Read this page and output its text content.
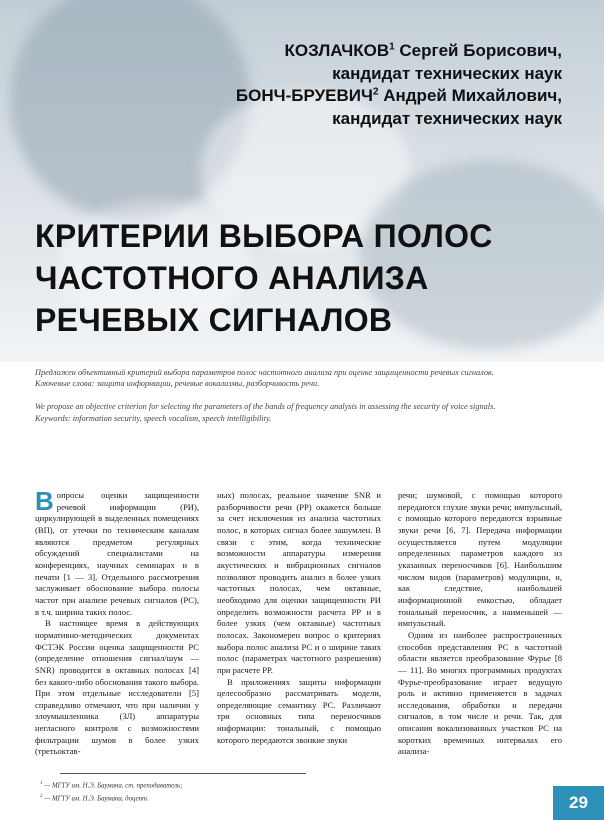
КОЗЛАЧКОВ$^1$ Сергей Борисович,
кандидат технических наук
БОНЧ-БРУЕВИЧ$^2$ Андрей Михайлович,
кандидат технических наук
КРИТЕРИИ ВЫБОРА ПОЛОС
ЧАСТОТНОГО АНАЛИЗА
РЕЧЕВЫХ СИГНАЛОВ

Предложен объективный критерий выбора параметров полос частотного анализа при оценке защищенности речевых сигналов.

Ключевые слова: защита информации, речевые вокализмы, разборчивость речи.

We propose an objective criterion for selecting the parameters of the bands of frequency analysis in assessing the security of voice signals.

Keywords: information security, speech vocalism, speech intelligibility.

Вопросы оценки защищенности речевой информации (РИ), циркулирующей в выделенных помещениях (ВП), от утечки по техническим каналам являются предметом регулярных обсуждений специалистами на конференциях, научных семинарах и в печати [1 — 3]. Отдельного рассмотрения заслуживает обоснование выбора полосы частот при анализе речевых сигналов (РС), в т.ч. ширина таких полос.

В настоящее время в действующих нормативно-методических документах ФСТЭК России оценка защищенности РС (определение отношения сигнал/шум — SNR) проводится в октавных полосах [4] без какого-либо обоснования такого выбора. При этом отдельные исследователи [5] справедливо отмечают, что при наличии у злоумышленника (ЗЛ) аппаратуры негласного контроля с возможностями фильтрации шумов в более узких (третьоктав-

ных) полосах, реальное значение SNR и разборчивости речи (РР) окажется больше за счет исключения из анализа частотных полос, в которых сигнал более зашумлен. В связи с этим, когда технические возможности аппаратуры измерения акустических и вибрационных сигналов позволяют проводить анализ в более узких частотных полосах, чем октавные, необходимо для оценки защищенности РИ определить возможности расчета РР и в более узких (чем октавные) частотных полосах. Закономерен вопрос о критериях выбора полос анализа РС и о ширине таких полос (параметрах частотного разрешения) при расчете РР.

В приложениях защиты информации целесообразно рассматривать модели, определяющие семантику РС. Различают три основных типа переносчиков информации: тональный, с помощью которого передаются звонкие звуки

речи; шумовой, с помощью которого передаются глухие звуки речи; импульсный, с помощью которого передаются взрывные звуки речи [6, 7]. Передача информации осуществляется путем модуляции определенных параметров каждого из указанных переносчиков [6]. Наибольшим числом видов (параметров) модуляции, и, как следствие, наибольшей информационной емкостью, обладает тональный переносчик, а наименьшей — импульсный.

Одним из наиболее распространенных способов представления РС в частотной области является преобразование Фурье [8 — 11]. Во многих программных продуктах Фурье-преобразование играет ведущую роль и активно применяется в задачах исследования, обработки и передачи сигналов, в том числе и речи. Так, для описания вокализованных участков РС на коротких временных интервалах его анализа-

$^1$ — МГТУ им. Н.Э. Баумана, ст. преподаватель;

$^2$ — МГТУ им. Н.Э. Баумана, доцент.	29
